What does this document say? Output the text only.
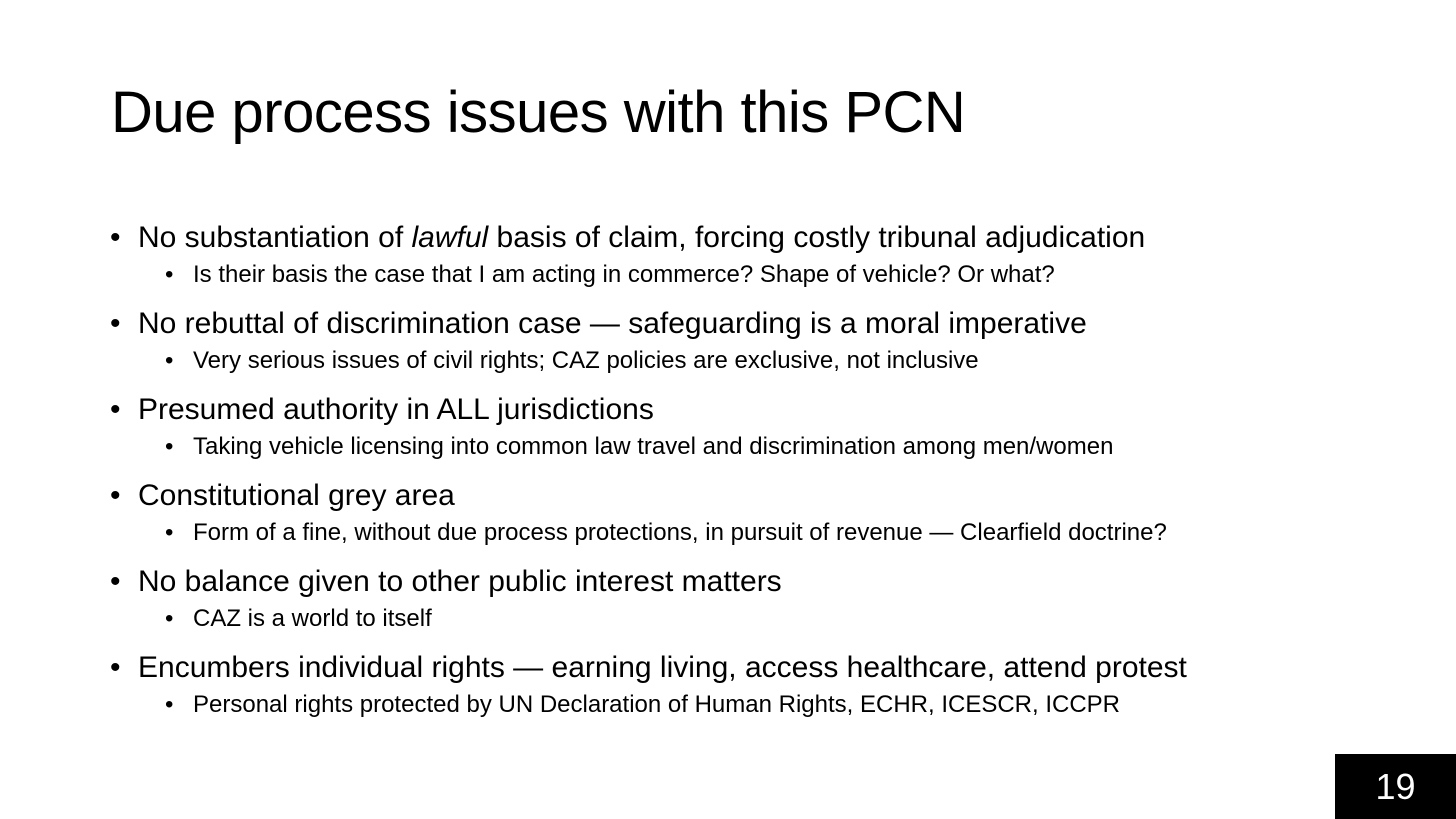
Due process issues with this PCN
• No substantiation of lawful basis of claim, forcing costly tribunal adjudication
• Is their basis the case that I am acting in commerce? Shape of vehicle? Or what?
• No rebuttal of discrimination case — safeguarding is a moral imperative
• Very serious issues of civil rights; CAZ policies are exclusive, not inclusive
• Presumed authority in ALL jurisdictions
• Taking vehicle licensing into common law travel and discrimination among men/women
• Constitutional grey area
• Form of a fine, without due process protections, in pursuit of revenue — Clearfield doctrine?
• No balance given to other public interest matters
• CAZ is a world to itself
• Encumbers individual rights — earning living, access healthcare, attend protest
• Personal rights protected by UN Declaration of Human Rights, ECHR, ICESCR, ICCPR
19
